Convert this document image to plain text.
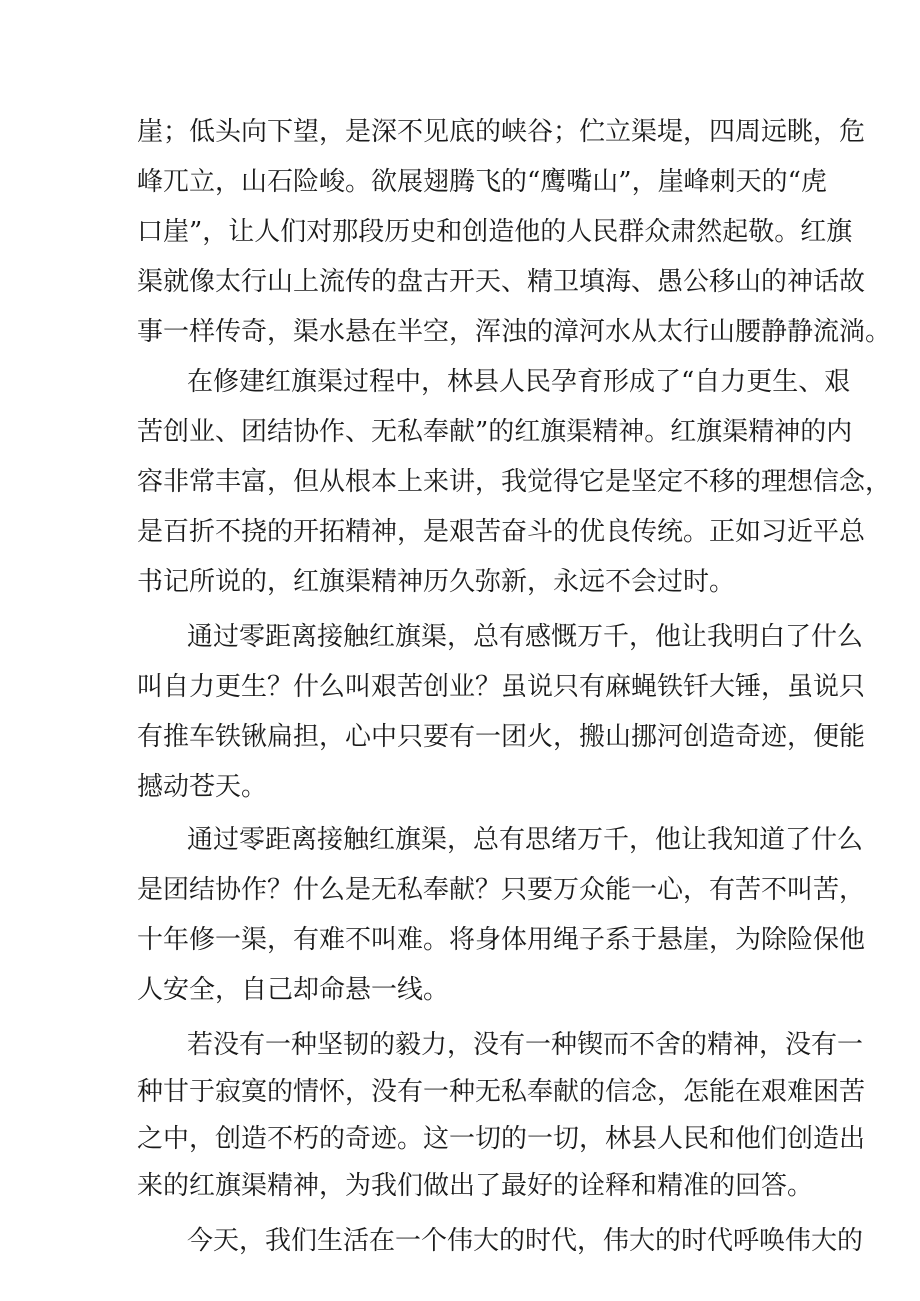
崖；低头向下望，是深不见底的峡谷；伫立渠堤，四周远眺，危
峰兀立，山石险峻。欲展翅腾飞的“鹰嘴山”，崖峰刺天的“虎
口崖”，让人们对那段历史和创造他的人民群众肃然起敬。红旗
渠就像太行山上流传的盘古开天、精卫填海、愚公移山的神话故
事一样传奇，渠水悬在半空，浑浊的漳河水从太行山腰静静流淌。
在修建红旗渠过程中，林县人民孕育形成了“自力更生、艰
苦创业、团结协作、无私奉献”的红旗渠精神。红旗渠精神的内
容非常丰富，但从根本上来讲，我觉得它是坚定不移的理想信念，
是百折不挠的开拓精神，是艰苦奋斗的优良传统。正如习近平总
书记所说的，红旗渠精神历久弥新，永远不会过时。
通过零距离接触红旗渠，总有感慨万千，他让我明白了什么
叫自力更生？什么叫艰苦创业？虽说只有麻蝇铁钎大锤，虽说只
有推车铁锹扁担，心中只要有一团火，搬山挪河创造奇迹，便能
撼动苍天。
通过零距离接触红旗渠，总有思绪万千，他让我知道了什么
是团结协作？什么是无私奉献？只要万众能一心，有苦不叫苦，
十年修一渠，有难不叫难。将身体用绳子系于悬崖，为除险保他
人安全，自己却命悬一线。
若没有一种坚韧的毅力，没有一种锲而不舍的精神，没有一
种甘于寂寞的情怀，没有一种无私奉献的信念，怎能在艰难困苦
之中，创造不朽的奇迹。这一切的一切，林县人民和他们创造出
来的红旗渠精神，为我们做出了最好的诠释和精准的回答。
今天，我们生活在一个伟大的时代，伟大的时代呼唤伟大的
